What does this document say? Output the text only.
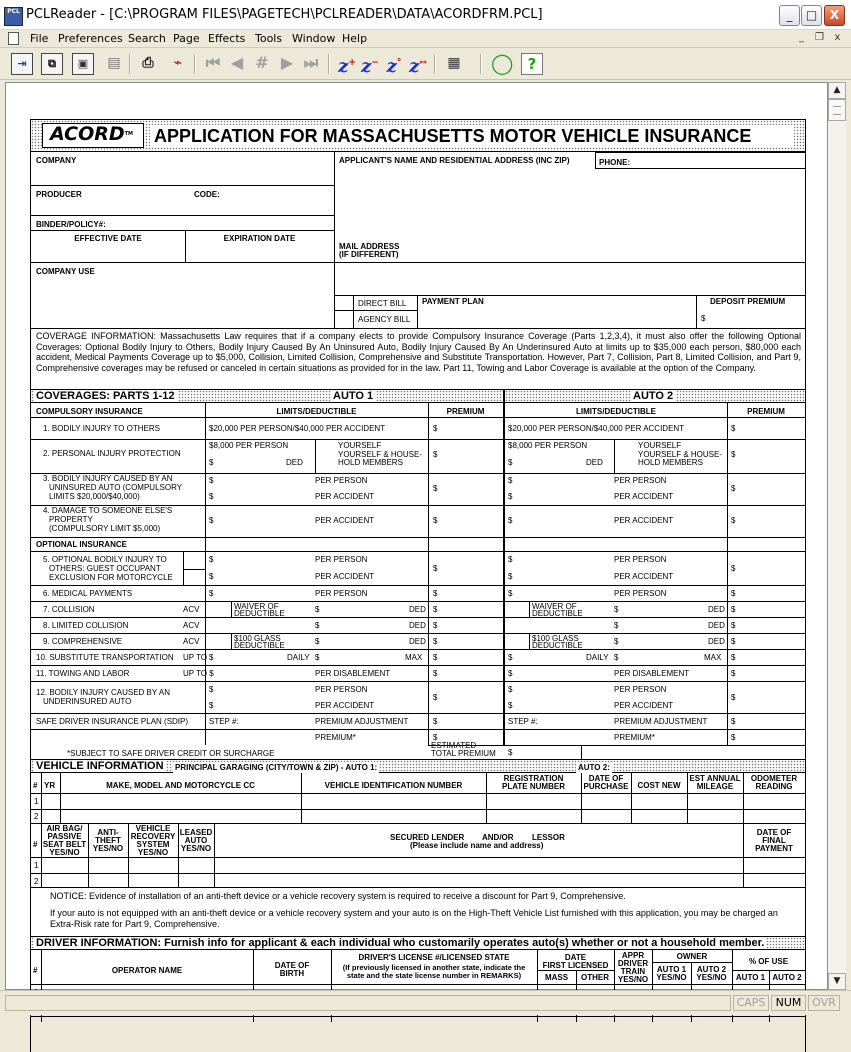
PCL PCLReader - [C:\PROGRAM FILES\PAGETECH\PCLREADER\DATA\ACORDFRM.PCL]	_	□	X
File Preferences Search Page Effects Tools Window Help	_	❐	x
⇥	⧉	▣	▤	⎙	⌁	⏮ ◀ # ▶ ⏭ z+ z− z° z↔	▦ ◯ ?
ACORDTM	APPLICATION FOR MASSACHUSETTS MOTOR VEHICLE INSURANCE
COMPANY	APPLICANT'S NAME AND RESIDENTIAL ADDRESS (INC ZIP)	PHONE:
PRODUCER	CODE:
BINDER/POLICY#:
EFFECTIVE DATE	EXPIRATION DATE
MAIL ADDRESS
(IF DIFFERENT)
COMPANY USE
DIRECT BILL
AGENCY BILL
PAYMENT PLAN	DEPOSIT PREMIUM
$
COVERAGE INFORMATION: Massachusetts Law requires that if a company elects to provide Compulsory Insurance Coverage (Parts 1,2,3,4), it must also offer the following Optional Coverages: Optional Bodily Injury to Others, Bodily Injury Caused By An Uninsured Auto, Bodily Injury Caused By An Underinsured Auto at limits up to $35,000 each person, $80,000 each accident, Medical Payments Coverage up to $5,000, Collision, Limited Collision, Comprehensive and Substitute Transportation. However, Part 7, Collision, Part 8, Limited Collision, and Part 9, Comprehensive coverages may be refused or canceled in certain situations as provided for in the law. Part 11, Towing and Labor Coverage is available at the option of the Company.
COVERAGES: PARTS 1-12	AUTO 1	AUTO 2
COMPULSORY INSURANCE	LIMITS/DEDUCTIBLE	PREMIUM	LIMITS/DEDUCTIBLE	PREMIUM
1. BODILY INJURY TO OTHERS	$20,000 PER PERSON/$40,000 PER ACCIDENT	$	$20,000 PER PERSON/$40,000 PER ACCIDENT	$
2. PERSONAL INJURY PROTECTION
$8,000 PER PERSON
$	DED
YOURSELF
YOURSELF & HOUSE-
HOLD MEMBERS
$
$8,000 PER PERSON
$	DED
YOURSELF
YOURSELF & HOUSE-
HOLD MEMBERS
$
3. BODILY INJURY CAUSED BY AN
UNINSURED AUTO (COMPULSORY
LIMITS $20,000/$40,000)
$	PER PERSON
$	PER ACCIDENT
$
$	PER PERSON
$	PER ACCIDENT
$
4. DAMAGE TO SOMEONE ELSE'S
PROPERTY
(COMPULSORY LIMIT $5,000)
$	PER ACCIDENT	$	$	PER ACCIDENT	$
OPTIONAL INSURANCE
5. OPTIONAL BODILY INJURY TO
OTHERS: GUEST OCCUPANT
EXCLUSION FOR MOTORCYCLE
$	PER PERSON
$	PER ACCIDENT
$
$	PER PERSON
$	PER ACCIDENT
$
6. MEDICAL PAYMENTS	$	PER PERSON	$	$	PER PERSON	$
7. COLLISION	ACV	WAIVER OF
DEDUCTIBLE	$	DED $	WAIVER OF
DEDUCTIBLE	$	DED $
8. LIMITED COLLISION	ACV	$	DED $	$	DED $
9. COMPREHENSIVE	ACV	$100 GLASS
DEDUCTIBLE	$	DED $	$100 GLASS
DEDUCTIBLE	$	DED $
10. SUBSTITUTE TRANSPORTATION UP TO $	DAILY $	MAX $	$	DAILY $	MAX $
11. TOWING AND LABOR	UP TO $	PER DISABLEMENT	$	$	PER DISABLEMENT	$
12. BODILY INJURY CAUSED BY AN
UNDERINSURED AUTO
$	PER PERSON
$	PER ACCIDENT
$
$	PER PERSON
$	PER ACCIDENT
$
SAFE DRIVER INSURANCE PLAN (SDIP)	STEP #:	PREMIUM ADJUSTMENT	$	STEP #:	PREMIUM ADJUSTMENT	$
PREMIUM*	$	PREMIUM*	$
*SUBJECT TO SAFE DRIVER CREDIT OR SURCHARGE
ESTIMATED
TOTAL PREMIUM $
VEHICLE INFORMATION PRINCIPAL GARAGING (CITY/TOWN & ZIP) - AUTO 1:	AUTO 2:
# YR	MAKE, MODEL AND MOTORCYCLE CC	VEHICLE IDENTIFICATION NUMBER
REGISTRATION
PLATE NUMBER
DATE OF
PURCHASE	COST NEW
EST ANNUAL
MILEAGE
ODOMETER
READING
1
2
#
AIR BAG/
PASSIVE
SEAT BELT
YES/NO
ANTI-
THEFT
YES/NO
VEHICLE
RECOVERY
SYSTEM
YES/NO
LEASED
AUTO
YES/NO
SECURED LENDER AND/OR LESSOR
(Please include name and address)
DATE OF
FINAL
PAYMENT
1
2
NOTICE: Evidence of installation of an anti-theft device or a vehicle recovery system is required to receive a discount for Part 9, Comprehensive.
If your auto is not equipped with an anti-theft device or a vehicle recovery system and your auto is on the High-Theft Vehicle List furnished with this application, you may be charged an Extra-Risk rate for Part 9, Comprehensive.
DRIVER INFORMATION: Furnish info for applicant & each individual who customarily operates auto(s) whether or not a household member.
#	OPERATOR NAME
DATE OF
BIRTH
DRIVER'S LICENSE #/LICENSED STATE
(If previously licensed in another state, indicate the
state and the state license number in REMARKS)
DATE
FIRST LICENSED
MASS	OTHER
APPR
DRIVER
TRAIN
YES/NO
OWNER
AUTO 1
YES/NO
AUTO 2
YES/NO
% OF USE
AUTO 1 AUTO 2
▲
▼
CAPS NUM OVR
